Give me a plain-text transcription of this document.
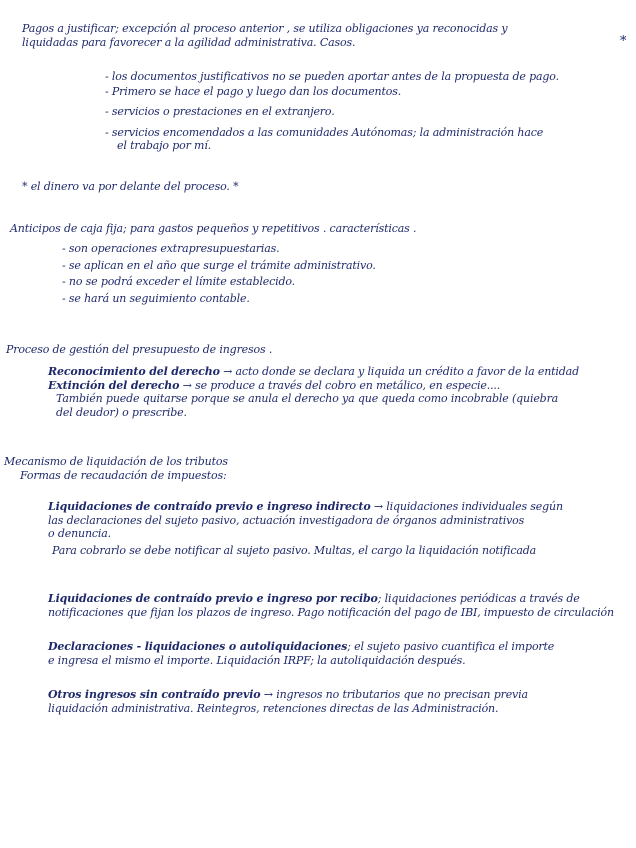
*
Pagos a justificar; excepción al proceso anterior , se utiliza obligaciones ya reconocidas y
liquidadas para favorecer a la agilidad administrativa. Casos.
- los documentos justificativos no se pueden aportar antes de la propuesta de pago.
- Primero se hace el pago y luego dan los documentos.
- servicios o prestaciones en el extranjero.
- servicios encomendados a las comunidades Autónomas; la administración hace
el trabajo por mí.
* el dinero va por delante del proceso. *
Anticipos de caja fija; para gastos pequeños y repetitivos . características .
- son operaciones extrapresupuestarias.
- se aplican en el año que surge el trámite administrativo.
- no se podrá exceder el límite establecido.
- se hará un seguimiento contable.
Proceso de gestión del presupuesto de ingresos .
Reconocimiento del derecho → acto donde se declara y liquida un crédito a favor de la entidad
Extinción del derecho → se produce a través del cobro en metálico, en especie....
También puede quitarse porque se anula el derecho ya que queda como incobrable (quiebra
del deudor) o prescribe.
Mecanismo de liquidación de los tributos
Formas de recaudación de impuestos:
Liquidaciones de contraído previo e ingreso indirecto → liquidaciones individuales según
las declaraciones del sujeto pasivo, actuación investigadora de órganos administrativos
o denuncia.
Para cobrarlo se debe notificar al sujeto pasivo. Multas, el cargo la liquidación notificada
Liquidaciones de contraído previo e ingreso por recibo; liquidaciones periódicas a través de
notificaciones que fijan los plazos de ingreso. Pago notificación del pago de IBI, impuesto de circulación
Declaraciones - liquidaciones o autoliquidaciones; el sujeto pasivo cuantifica el importe
e ingresa el mismo el importe. Liquidación IRPF; la autoliquidación después.
Otros ingresos sin contraído previo → ingresos no tributarios que no precisan previa
liquidación administrativa. Reintegros, retenciones directas de las Administración.
